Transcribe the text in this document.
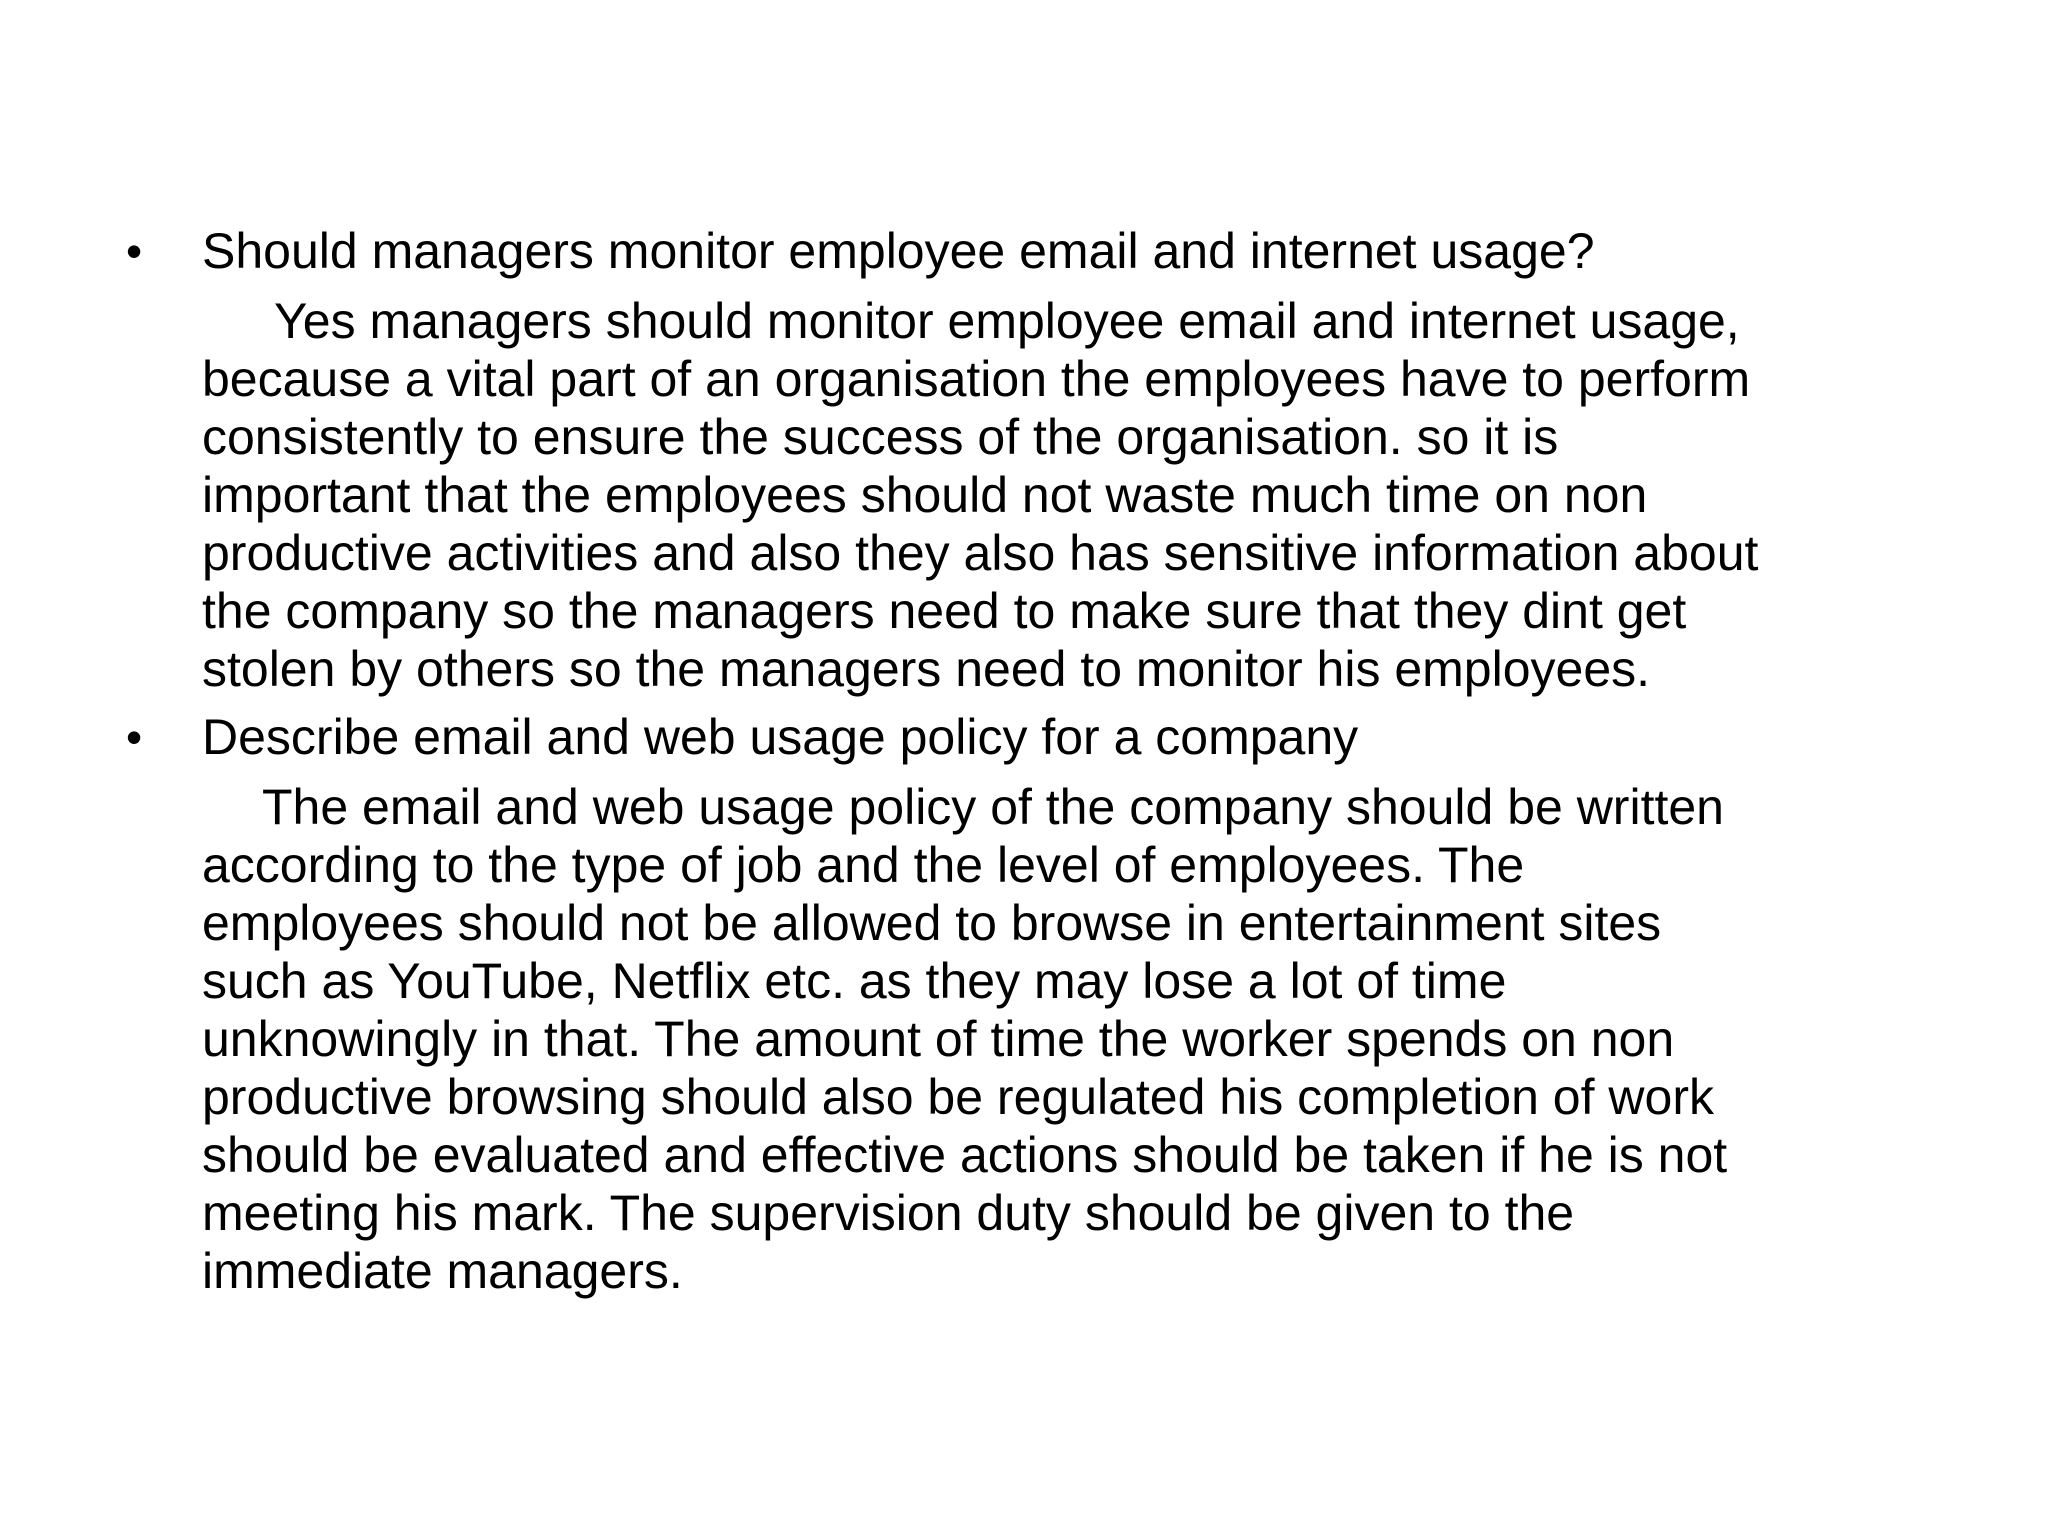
• Should managers monitor employee email and internet usage?
Yes managers should monitor employee email and internet usage,
because a vital part of an organisation the employees have to perform
consistently to ensure the success of the organisation. so it is
important that the employees should not waste much time on non
productive activities and also they also has sensitive information about
the company so the managers need to make sure that they dint get
stolen by others so the managers need to monitor his employees.
• Describe email and web usage policy for a company
The email and web usage policy of the company should be written
according to the type of job and the level of employees. The
employees should not be allowed to browse in entertainment sites
such as YouTube, Netflix etc. as they may lose a lot of time
unknowingly in that. The amount of time the worker spends on non
productive browsing should also be regulated his completion of work
should be evaluated and effective actions should be taken if he is not
meeting his mark. The supervision duty should be given to the
immediate managers.
